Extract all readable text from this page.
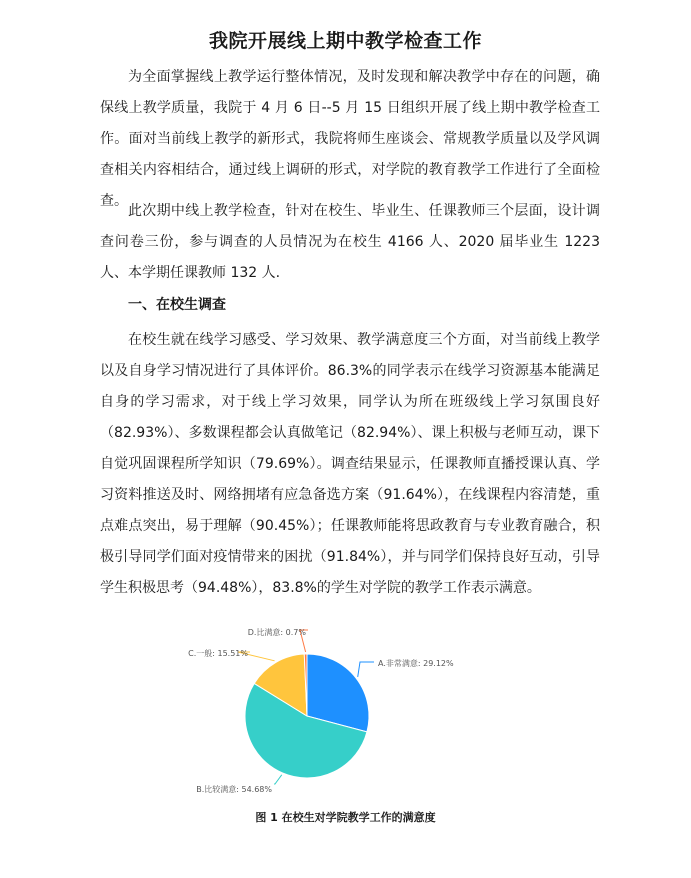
我院开展线上期中教学检查工作

为全面掌握线上教学运行整体情况，及时发现和解决教学中存在的问题，确保线上教学质量，我院于 4 月 6 日--5 月 15 日组织开展了线上期中教学检查工作。面对当前线上教学的新形式，我院将师生座谈会、常规教学质量以及学风调查相关内容相结合，通过线上调研的形式，对学院的教育教学工作进行了全面检查。

此次期中线上教学检查，针对在校生、毕业生、任课教师三个层面，设计调查问卷三份，参与调查的人员情况为在校生 4166 人、2020 届毕业生 1223 人、本学期任课教师 132 人.

一、在校生调查

在校生就在线学习感受、学习效果、教学满意度三个方面，对当前线上教学以及自身学习情况进行了具体评价。86.3%的同学表示在线学习资源基本能满足自身的学习需求，对于线上学习效果，同学认为所在班级线上学习氛围良好（82.93%）、多数课程都会认真做笔记（82.94%）、课上积极与老师互动，课下自觉巩固课程所学知识（79.69%）。调查结果显示，任课教师直播授课认真、学习资料推送及时、网络拥堵有应急备选方案（91.64%），在线课程内容清楚，重点难点突出，易于理解（90.45%）；任课教师能将思政教育与专业教育融合，积极引导同学们面对疫情带来的困扰（91.84%），并与同学们保持良好互动，引导学生积极思考（94.48%），83.8%的学生对学院的教学工作表示满意。

A.非常满意: 29.12%
B.比较满意: 54.68%
C.一般: 15.51%
D.比满意: 0.7%
图 1 在校生对学院教学工作的满意度
